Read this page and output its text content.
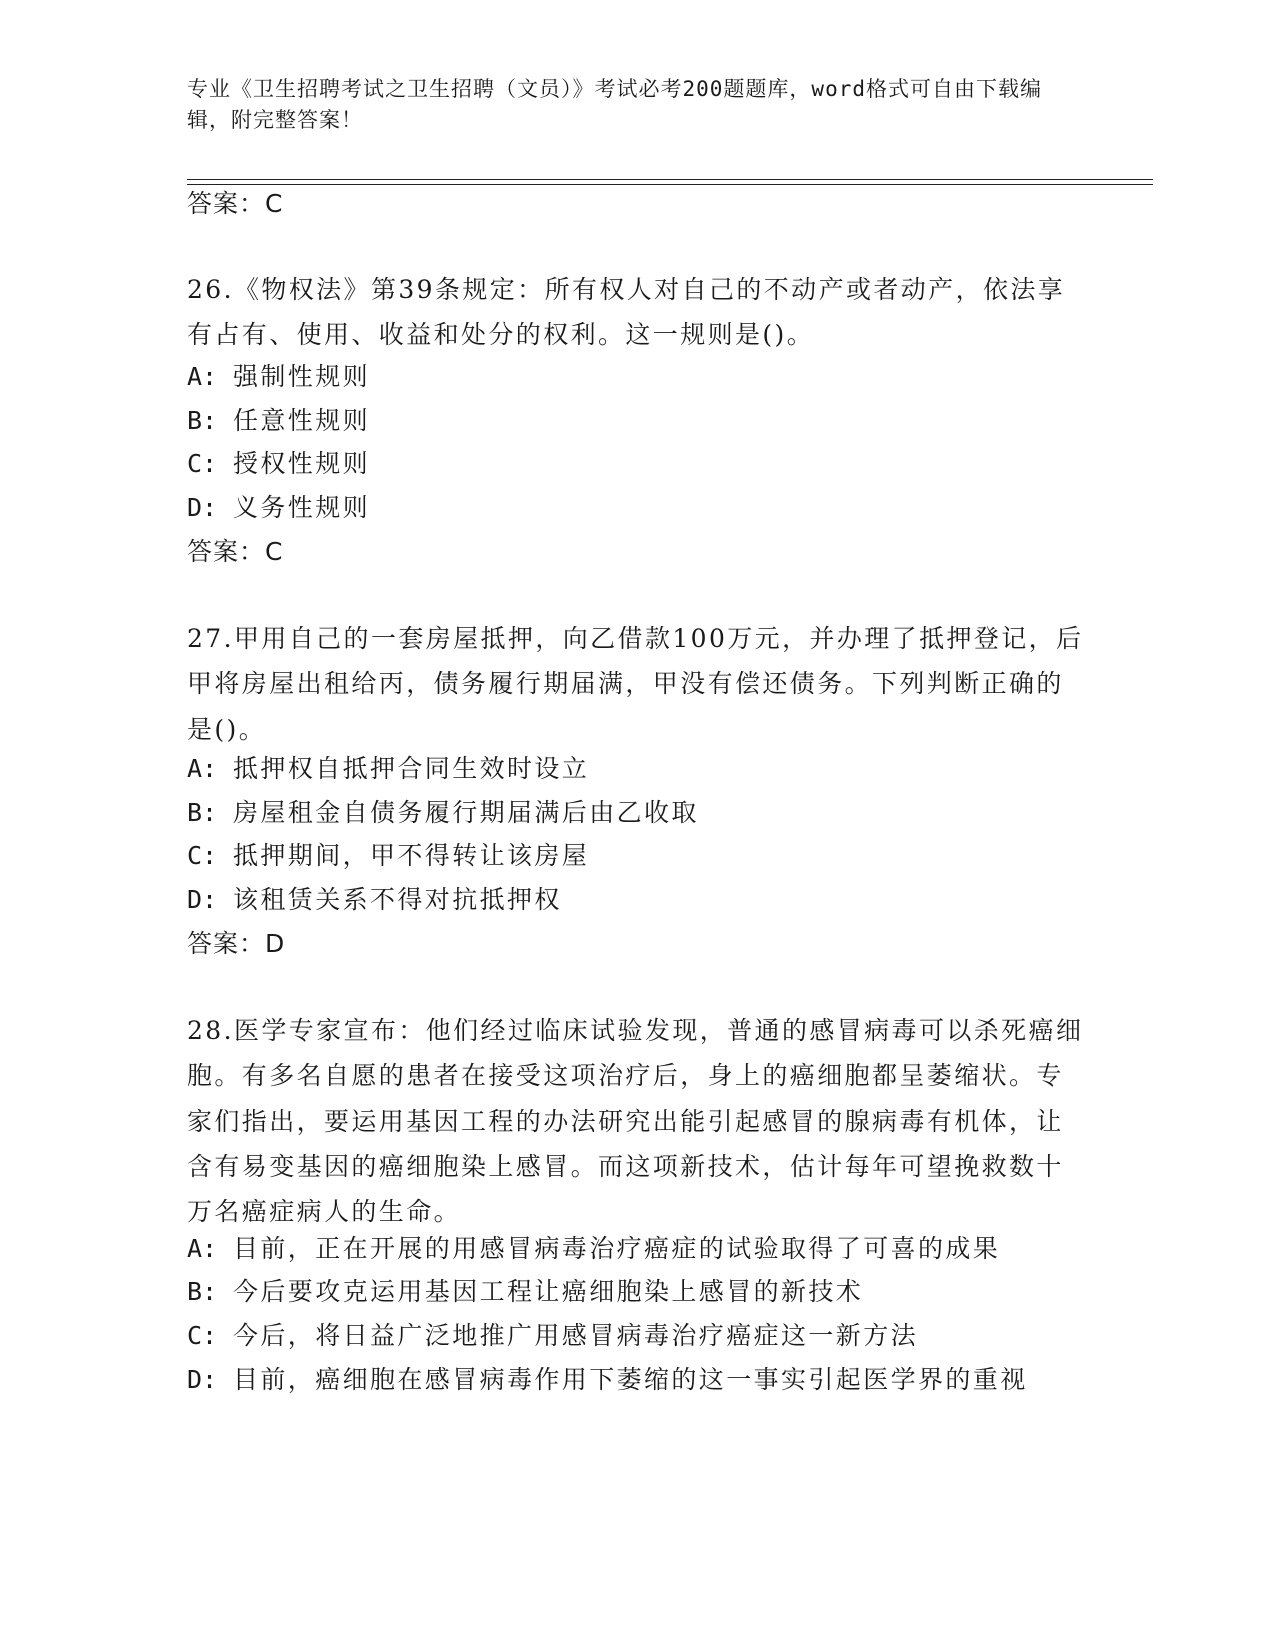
专业《卫生招聘考试之卫生招聘（文员）》考试必考200题题库，word格式可自由下载编辑，附完整答案！
答案：C
26.《物权法》第39条规定：所有权人对自己的不动产或者动产，依法享有占有、使用、收益和处分的权利。这一规则是()。
A: 强制性规则
B: 任意性规则
C: 授权性规则
D: 义务性规则
答案：C
27.甲用自己的一套房屋抵押，向乙借款100万元，并办理了抵押登记，后甲将房屋出租给丙，债务履行期届满，甲没有偿还债务。下列判断正确的是()。
A: 抵押权自抵押合同生效时设立
B: 房屋租金自债务履行期届满后由乙收取
C: 抵押期间，甲不得转让该房屋
D: 该租赁关系不得对抗抵押权
答案：D
28.医学专家宣布：他们经过临床试验发现，普通的感冒病毒可以杀死癌细胞。有多名自愿的患者在接受这项治疗后，身上的癌细胞都呈萎缩状。专家们指出，要运用基因工程的办法研究出能引起感冒的腺病毒有机体，让含有易变基因的癌细胞染上感冒。而这项新技术，估计每年可望挽救数十万名癌症病人的生命。
A: 目前，正在开展的用感冒病毒治疗癌症的试验取得了可喜的成果
B: 今后要攻克运用基因工程让癌细胞染上感冒的新技术
C: 今后，将日益广泛地推广用感冒病毒治疗癌症这一新方法
D: 目前，癌细胞在感冒病毒作用下萎缩的这一事实引起医学界的重视
